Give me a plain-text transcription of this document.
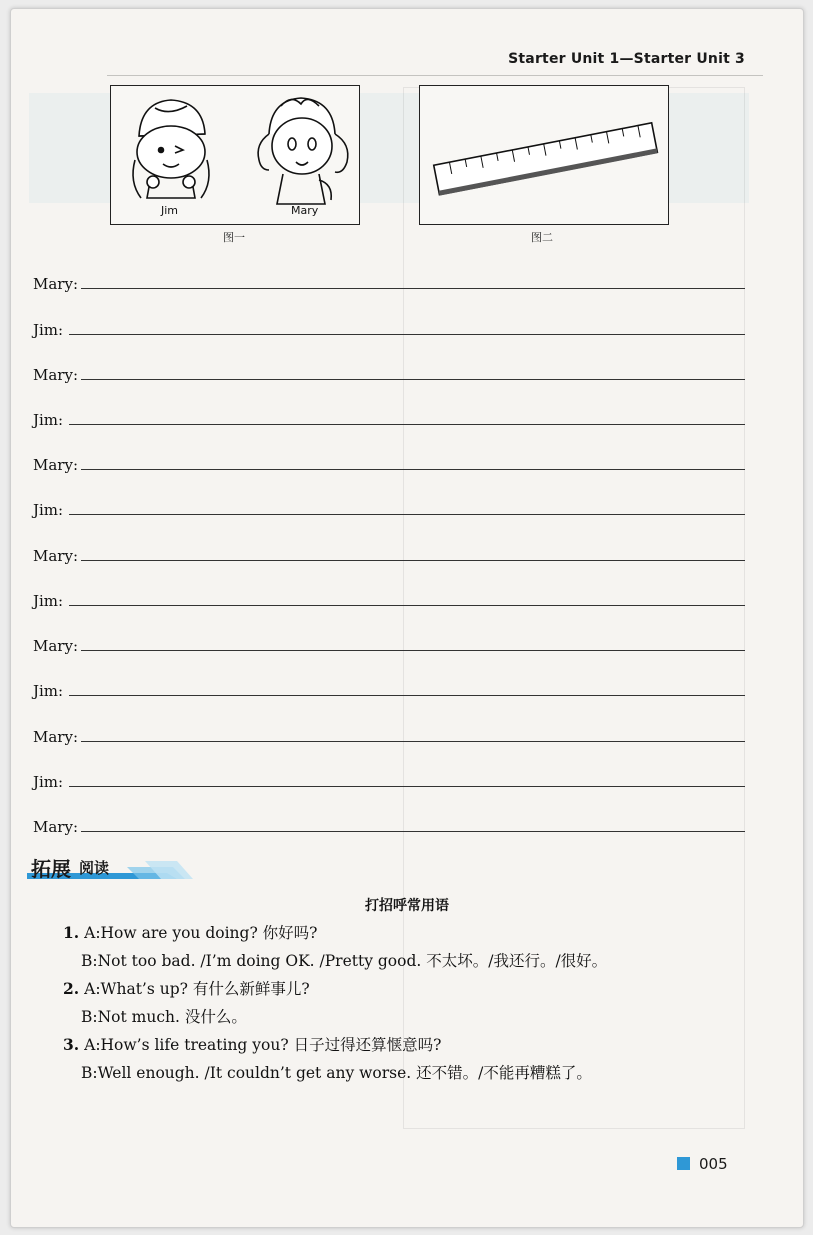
Starter Unit 1—Starter Unit 3
Jim	Mary
图一	图二
Mary:
Jim:
Mary:
Jim:
Mary:
Jim:
Mary:
Jim:
Mary:
Jim:
Mary:
Jim:
Mary:
拓展 阅读
打招呼常用语
1. A:How are you doing? 你好吗?
B:Not too bad. /I’m doing OK. /Pretty good. 不太坏。/我还行。/很好。
2. A:What’s up? 有什么新鲜事儿?
B:Not much. 没什么。
3. A:How’s life treating you? 日子过得还算惬意吗?
B:Well enough. /It couldn’t get any worse. 还不错。/不能再糟糕了。
005
